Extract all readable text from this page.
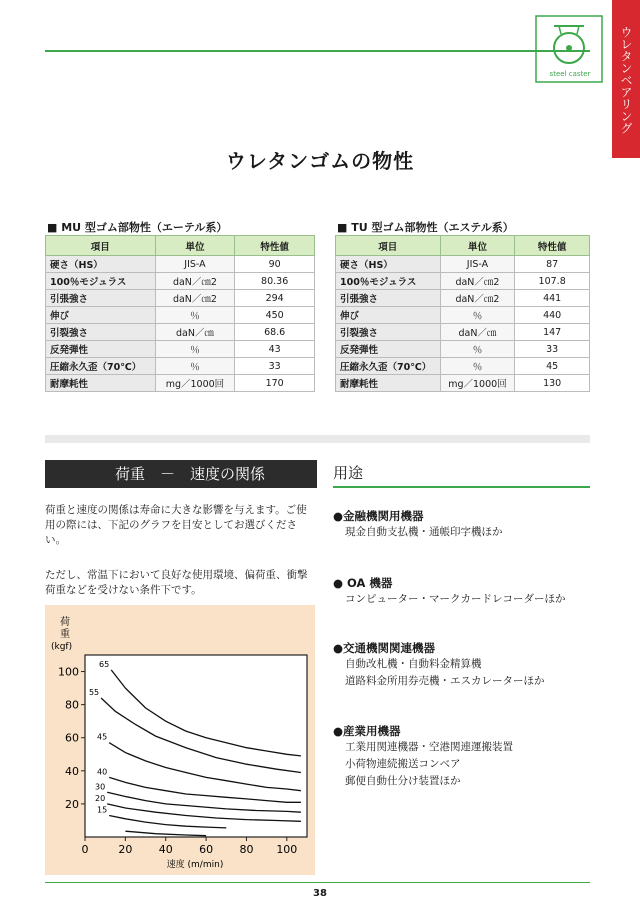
steel caster	ウレタンベアリング
ウレタンゴムの物性
■ MU 型ゴム部物性（エーテル系）
項目	単位	特性値
硬さ（HS）	JIS-A	90
100％モジュラス	daN／㎝2	80.36
引張強さ	daN／㎝2	294
伸び	％	450
引裂強さ	daN／㎝	68.6
反発弾性	％	43
圧縮永久歪（70℃）	％	33
耐摩耗性	mg／1000回	170
■ TU 型ゴム部物性（エステル系）
項目	単位	特性値
硬さ（HS）	JIS-A	87
100％モジュラス	daN／㎝2	107.8
引張強さ	daN／㎝2	441
伸び	％	440
引裂強さ	daN／㎝	147
反発弾性	％	33
圧縮永久歪（70℃）	％	45
耐摩耗性	mg／1000回	130
荷重　－　速度の関係
荷重と速度の関係は寿命に大きな影響を与えます。ご使用の際には、下記のグラフを目安としてお選びください。
ただし、常温下において良好な使用環境、偏荷重、衝撃荷重などを受けない条件下です。
荷重
(kgf)
速度 (m/min)
20
40
60
80
100
0	20 40 60 80 100
65
55
45
40
30
20
15
用途
●金融機関用機器
現金自動支払機・通帳印字機ほか
● OA 機器
コンピューター・マークカードレコーダーほか
●交通機関関連機器
自動改札機・自動料金精算機
道路料金所用券売機・エスカレーターほか
●産業用機器
工業用関連機器・空港関連運搬装置
小荷物連続搬送コンベア
郵便自動仕分け装置ほか
38
